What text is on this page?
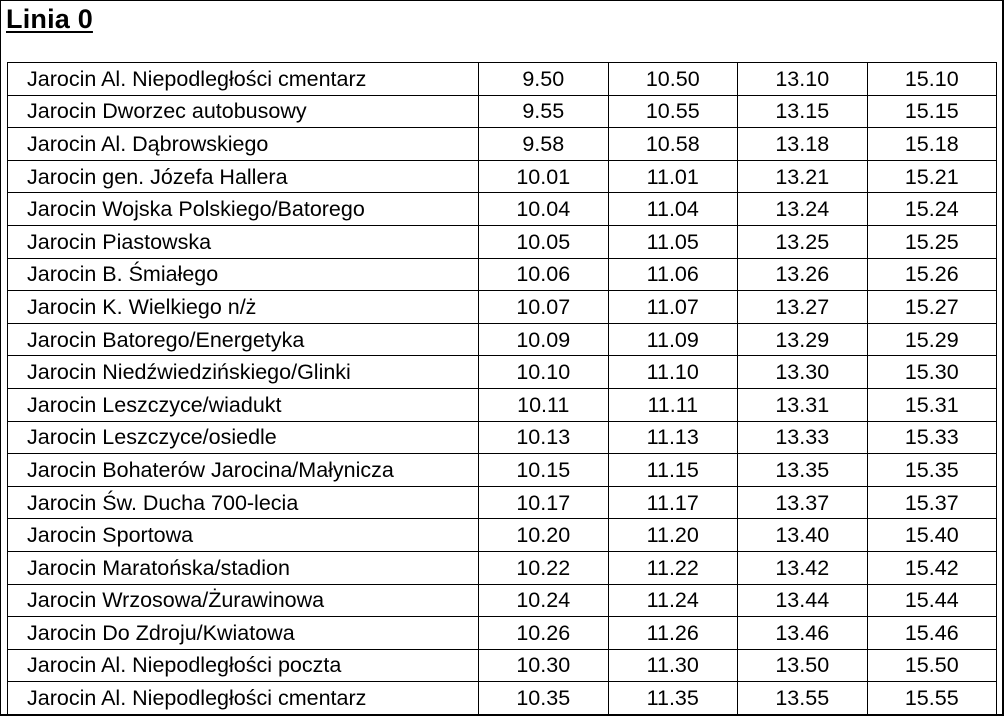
Linia 0
Jarocin Al. Niepodległości cmentarz	9.50	10.50	13.10	15.10
Jarocin Dworzec autobusowy	9.55	10.55	13.15	15.15
Jarocin Al. Dąbrowskiego	9.58	10.58	13.18	15.18
Jarocin gen. Józefa Hallera	10.01	11.01	13.21	15.21
Jarocin Wojska Polskiego/Batorego	10.04	11.04	13.24	15.24
Jarocin Piastowska	10.05	11.05	13.25	15.25
Jarocin B. Śmiałego	10.06	11.06	13.26	15.26
Jarocin K. Wielkiego n/ż	10.07	11.07	13.27	15.27
Jarocin Batorego/Energetyka	10.09	11.09	13.29	15.29
Jarocin Niedźwiedzińskiego/Glinki	10.10	11.10	13.30	15.30
Jarocin Leszczyce/wiadukt	10.11	11.11	13.31	15.31
Jarocin Leszczyce/osiedle	10.13	11.13	13.33	15.33
Jarocin Bohaterów Jarocina/Małynicza	10.15	11.15	13.35	15.35
Jarocin Św. Ducha 700-lecia	10.17	11.17	13.37	15.37
Jarocin Sportowa	10.20	11.20	13.40	15.40
Jarocin Maratońska/stadion	10.22	11.22	13.42	15.42
Jarocin Wrzosowa/Żurawinowa	10.24	11.24	13.44	15.44
Jarocin Do Zdroju/Kwiatowa	10.26	11.26	13.46	15.46
Jarocin Al. Niepodległości poczta	10.30	11.30	13.50	15.50
Jarocin Al. Niepodległości cmentarz	10.35	11.35	13.55	15.55
